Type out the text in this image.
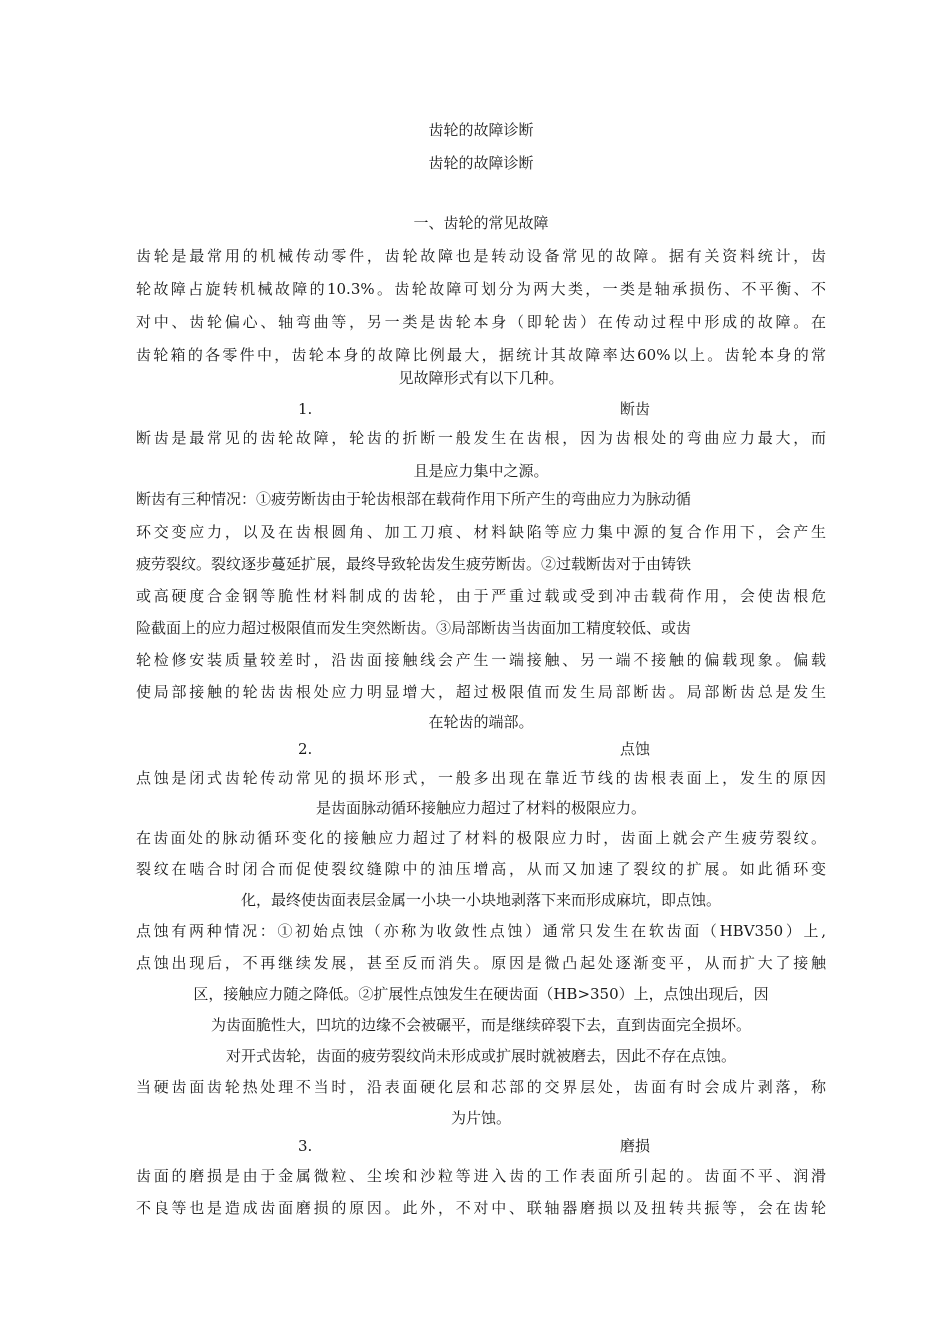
齿轮的故障诊断
齿轮的故障诊断
一、齿轮的常见故障
齿轮是最常用的机械传动零件，齿轮故障也是转动设备常见的故障。据有关资料统计，齿
轮故障占旋转机械故障的10.3%。齿轮故障可划分为两大类，一类是轴承损伤、不平衡、不
对中、齿轮偏心、轴弯曲等，另一类是齿轮本身（即轮齿）在传动过程中形成的故障。在
齿轮箱的各零件中，齿轮本身的故障比例最大，据统计其故障率达60%以上。齿轮本身的常
见故障形式有以下几种。
1.	断齿
断齿是最常见的齿轮故障，轮齿的折断一般发生在齿根，因为齿根处的弯曲应力最大，而
且是应力集中之源。
断齿有三种情况：①疲劳断齿由于轮齿根部在载荷作用下所产生的弯曲应力为脉动循
环交变应力，以及在齿根圆角、加工刀痕、材料缺陷等应力集中源的复合作用下，会产生
疲劳裂纹。裂纹逐步蔓延扩展，最终导致轮齿发生疲劳断齿。②过载断齿对于由铸铁
或高硬度合金钢等脆性材料制成的齿轮，由于严重过载或受到冲击载荷作用，会使齿根危
险截面上的应力超过极限值而发生突然断齿。③局部断齿当齿面加工精度较低、或齿
轮检修安装质量较差时，沿齿面接触线会产生一端接触、另一端不接触的偏载现象。偏载
使局部接触的轮齿齿根处应力明显增大，超过极限值而发生局部断齿。局部断齿总是发生
在轮齿的端部。
2.	点蚀
点蚀是闭式齿轮传动常见的损坏形式，一般多出现在靠近节线的齿根表面上，发生的原因
是齿面脉动循环接触应力超过了材料的极限应力。
在齿面处的脉动循环变化的接触应力超过了材料的极限应力时，齿面上就会产生疲劳裂纹。
裂纹在啮合时闭合而促使裂纹缝隙中的油压增高，从而又加速了裂纹的扩展。如此循环变
化，最终使齿面表层金属一小块一小块地剥落下来而形成麻坑，即点蚀。
点蚀有两种情况：①初始点蚀（亦称为收敛性点蚀）通常只发生在软齿面（HBV350）上,
点蚀出现后，不再继续发展，甚至反而消失。原因是微凸起处逐渐变平，从而扩大了接触
区，接触应力随之降低。②扩展性点蚀发生在硬齿面（HB>350）上，点蚀出现后，因
为齿面脆性大，凹坑的边缘不会被碾平，而是继续碎裂下去，直到齿面完全损坏。
对开式齿轮，齿面的疲劳裂纹尚未形成或扩展时就被磨去，因此不存在点蚀。
当硬齿面齿轮热处理不当时，沿表面硬化层和芯部的交界层处，齿面有时会成片剥落，称
为片蚀。
3.	磨损
齿面的磨损是由于金属微粒、尘埃和沙粒等进入齿的工作表面所引起的。齿面不平、润滑
不良等也是造成齿面磨损的原因。此外，不对中、联轴器磨损以及扭转共振等，会在齿轮
